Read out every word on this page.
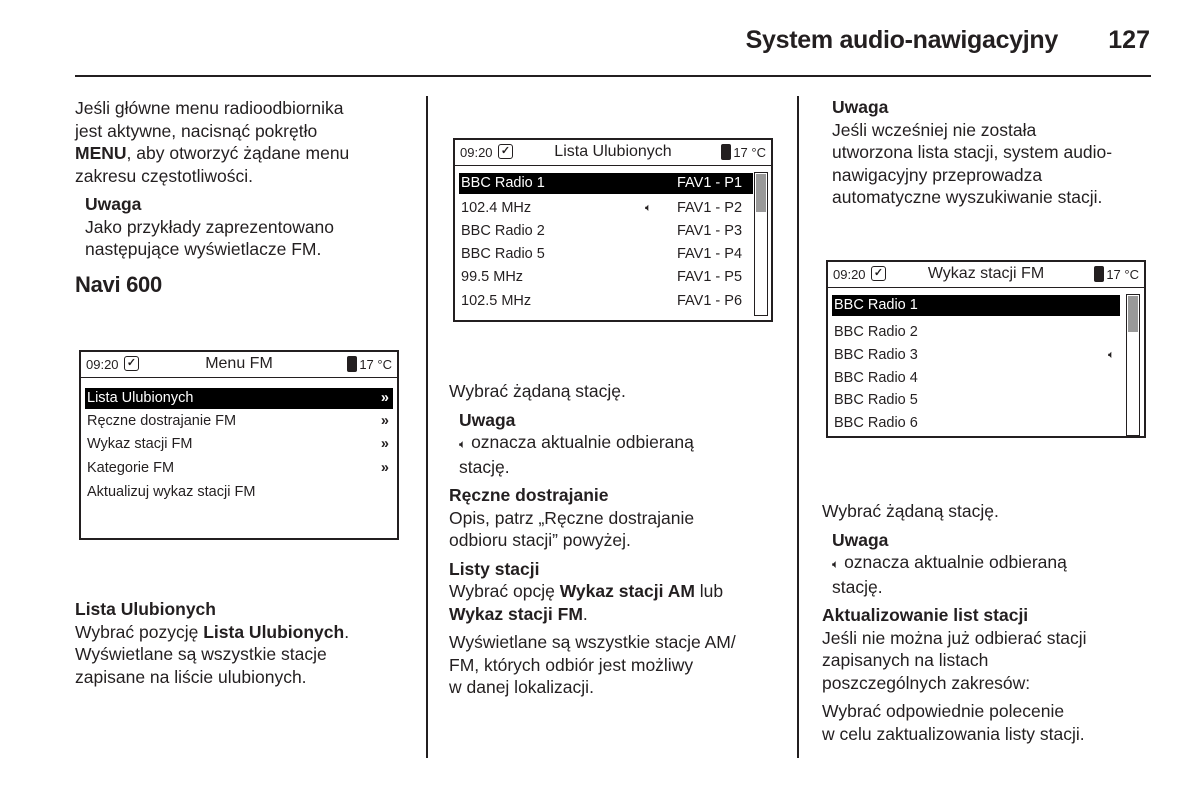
System audio-nawigacyjny	127

Jeśli główne menu radioodbiornika

jest aktywne, nacisnąć pokrętło

MENU, aby otworzyć żądane menu

zakresu częstotliwości.

Uwaga

Jako przykłady zaprezentowano

następujące wyświetlacze FM.

Navi 600
09:20 ✓	Menu FM	17 °C
Lista Ulubionych	»
Ręczne dostrajanie FM	»
Wykaz stacji FM	»
Kategorie FM	»
Aktualizuj wykaz stacji FM

Lista Ulubionych

Wybrać pozycję Lista Ulubionych.

Wyświetlane są wszystkie stacje

zapisane na liście ulubionych.

09:20 ✓	Lista Ulubionych	17 °C
BBC Radio 1	FAV1 - P1
102.4 MHz	🔈︎ FAV1 - P2
BBC Radio 2	FAV1 - P3
BBC Radio 5	FAV1 - P4
99.5 MHz	FAV1 - P5
102.5 MHz	FAV1 - P6

Wybrać żądaną stację.

Uwaga

🔈︎ oznacza aktualnie odbieraną

stację.

Ręczne dostrajanie

Opis, patrz „Ręczne dostrajanie

odbioru stacji” powyżej.

Listy stacji

Wybrać opcję Wykaz stacji AM lub

Wykaz stacji FM.

Wyświetlane są wszystkie stacje AM/

FM, których odbiór jest możliwy

w danej lokalizacji.

Uwaga

Jeśli wcześniej nie została

utworzona lista stacji, system audio-

nawigacyjny przeprowadza

automatyczne wyszukiwanie stacji.

09:20 ✓	Wykaz stacji FM	17 °C
BBC Radio 1
BBC Radio 2
BBC Radio 3	🔈︎
BBC Radio 4
BBC Radio 5
BBC Radio 6

Wybrać żądaną stację.

Uwaga

🔈︎ oznacza aktualnie odbieraną

stację.

Aktualizowanie list stacji

Jeśli nie można już odbierać stacji

zapisanych na listach

poszczególnych zakresów:

Wybrać odpowiednie polecenie

w celu zaktualizowania listy stacji.
